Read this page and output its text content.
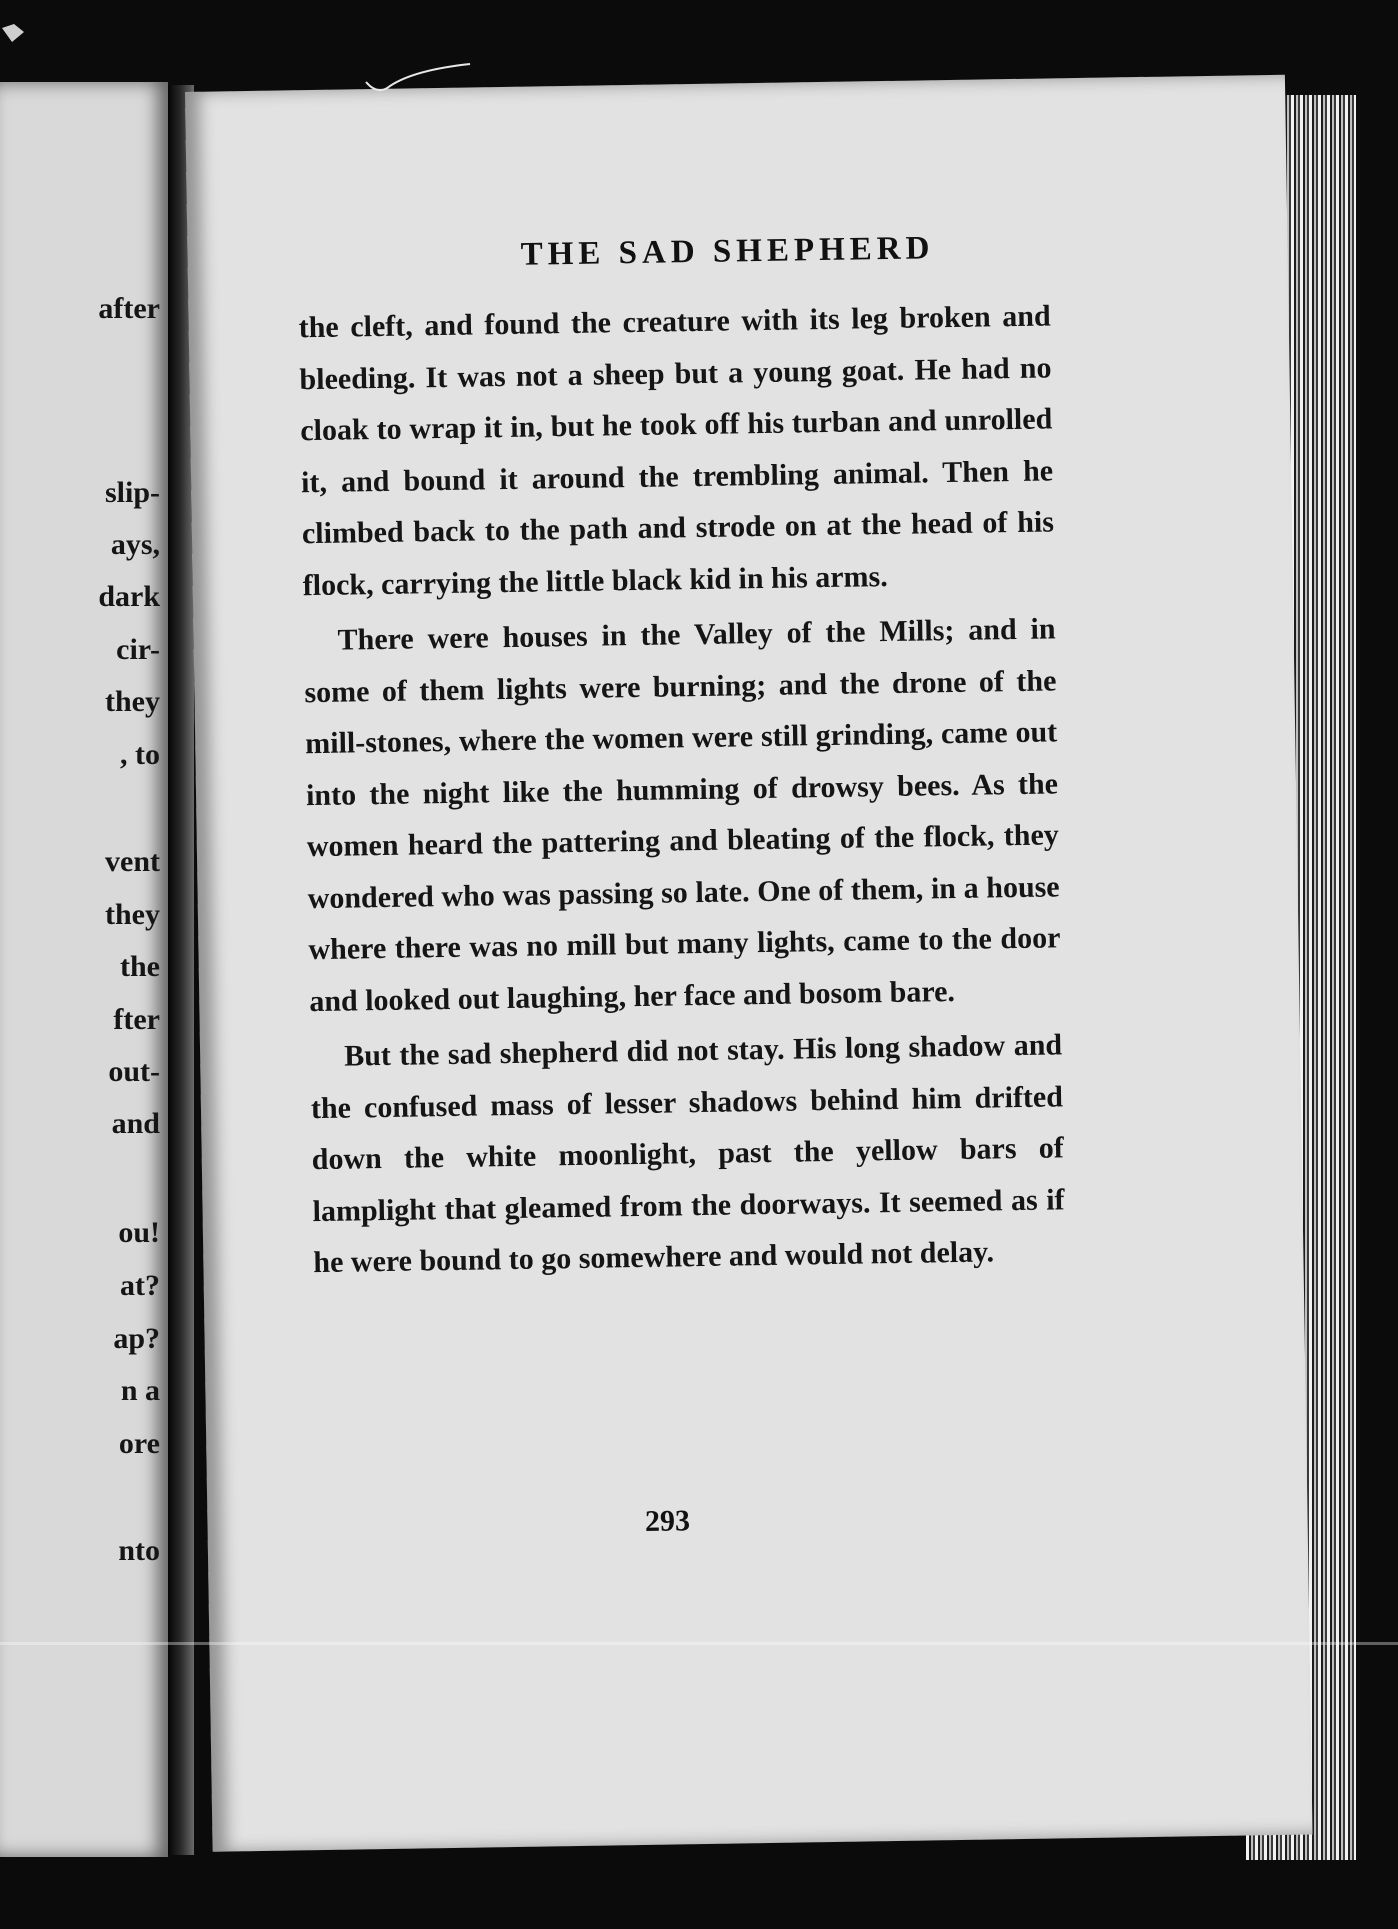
after
slip-
ays,
dark
cir-
they
, to
vent
they
the
fter
out-
and
ou!
at?
ap?
n a
ore
nto
THE SAD SHEPHERD

the cleft, and found the creature with its leg broken and bleeding. It was not a sheep but a young goat. He had no cloak to wrap it in, but he took off his turban and unrolled it, and bound it around the trembling animal. Then he climbed back to the path and strode on at the head of his flock, carrying the little black kid in his arms.

There were houses in the Valley of the Mills; and in some of them lights were burning; and the drone of the mill-stones, where the women were still grinding, came out into the night like the humming of drowsy bees. As the women heard the pattering and bleating of the flock, they wondered who was passing so late. One of them, in a house where there was no mill but many lights, came to the door and looked out laughing, her face and bosom bare.

But the sad shepherd did not stay. His long shadow and the confused mass of lesser shadows behind him drifted down the white moonlight, past the yellow bars of lamplight that gleamed from the doorways. It seemed as if he were bound to go somewhere and would not delay.

293
